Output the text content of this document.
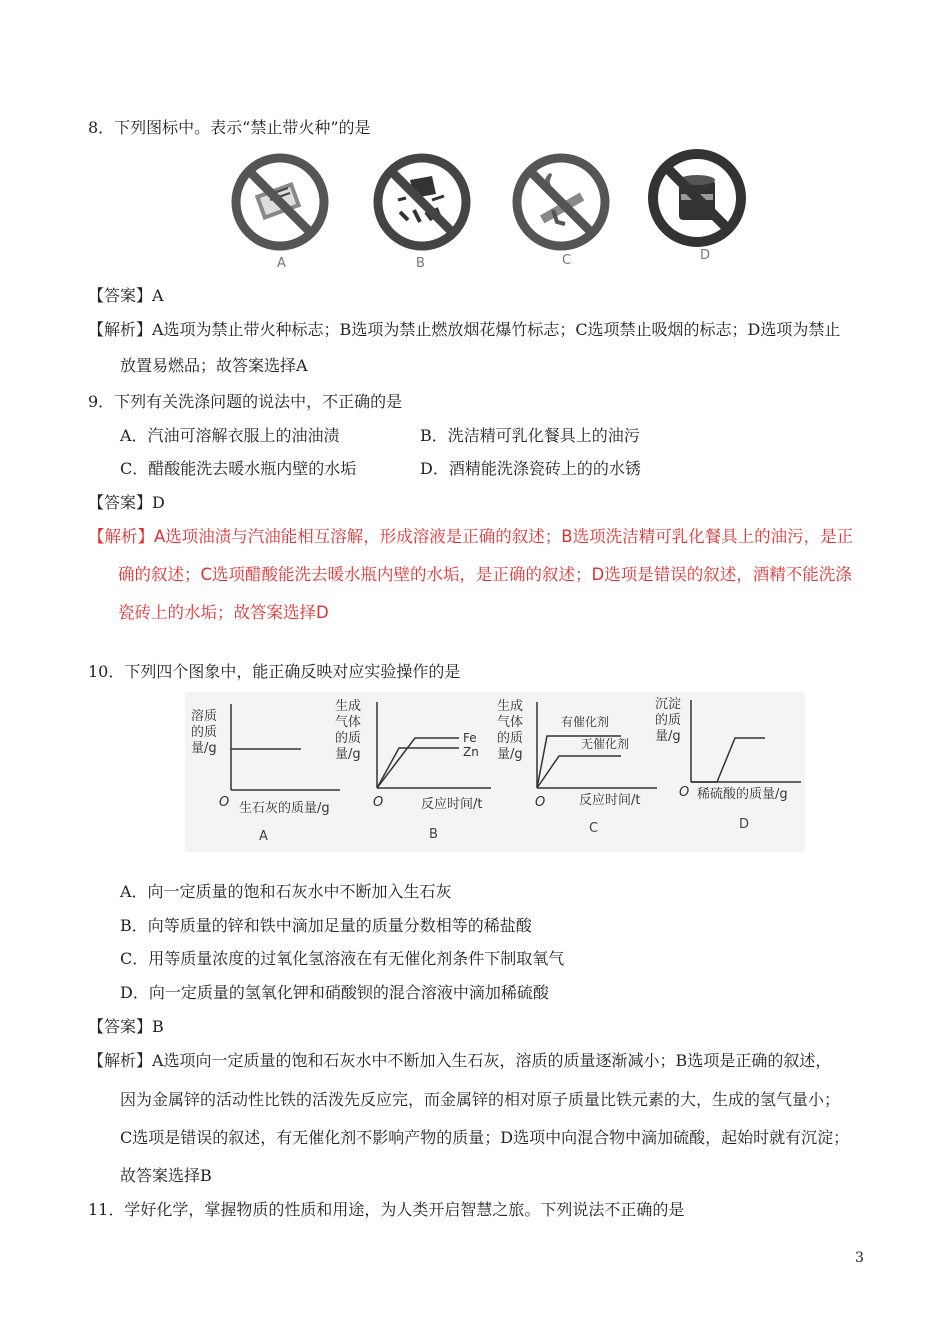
8．下列图标中。表示“禁止带火种”的是
A	B	C	D
【答案】A
【解析】A选项为禁止带火种标志；B选项为禁止燃放烟花爆竹标志；C选项禁止吸烟的标志；D选项为禁止
放置易燃品；故答案选择A
9．下列有关洗涤问题的说法中，不正确的是
A．汽油可溶解衣服上的油油渍	B．洗洁精可乳化餐具上的油污
C．醋酸能洗去暖水瓶内壁的水垢	D．酒精能洗涤瓷砖上的的水锈
【答案】D
【解析】A选项油渍与汽油能相互溶解，形成溶液是正确的叙述；B选项洗洁精可乳化餐具上的油污，是正
确的叙述；C选项醋酸能洗去暖水瓶内壁的水垢，是正确的叙述；D选项是错误的叙述，酒精不能洗涤
瓷砖上的水垢；故答案选择D
10．下列四个图象中，能正确反映对应实验操作的是
溶质
的质
量/g
O 生石灰的质量/g
A
生成
气体
的质
量/g
Fe
Zn
O	反应时间/t
B
生成
气体
的质
量/g
有催化剂
无催化剂
O	反应时间/t
C
沉淀
的质
量/g
O 稀硫酸的质量/g
D
A．向一定质量的饱和石灰水中不断加入生石灰
B．向等质量的锌和铁中滴加足量的质量分数相等的稀盐酸
C．用等质量浓度的过氧化氢溶液在有无催化剂条件下制取氧气
D．向一定质量的氢氧化钾和硝酸钡的混合溶液中滴加稀硫酸
【答案】B
【解析】A选项向一定质量的饱和石灰水中不断加入生石灰，溶质的质量逐渐减小；B选项是正确的叙述，
因为金属锌的活动性比铁的活泼先反应完，而金属锌的相对原子质量比铁元素的大，生成的氢气量小；
C选项是错误的叙述，有无催化剂不影响产物的质量；D选项中向混合物中滴加硫酸，起始时就有沉淀；
故答案选择B
11．学好化学，掌握物质的性质和用途，为人类开启智慧之旅。下列说法不正确的是
3
